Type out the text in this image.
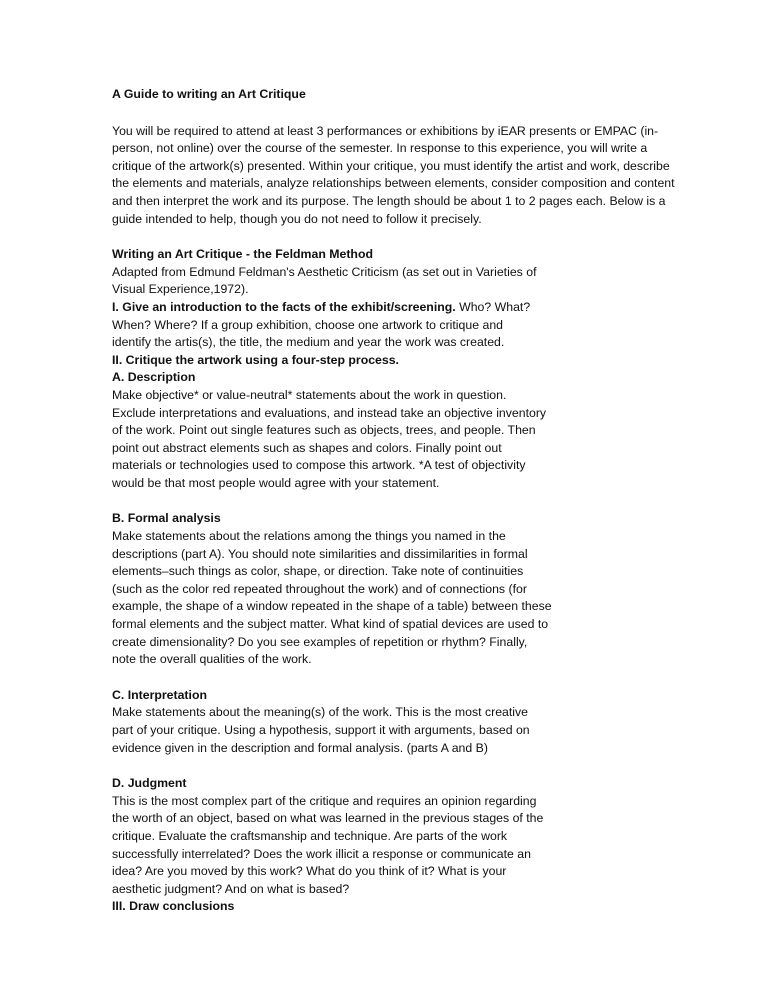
A Guide to writing an Art Critique

You will be required to attend at least 3 performances or exhibitions by iEAR presents or EMPAC (in-person, not online) over the course of the semester. In response to this experience, you will write a critique of the artwork(s) presented. Within your critique, you must identify the artist and work, describe the elements and materials, analyze relationships between elements, consider composition and content and then interpret the work and its purpose. The length should be about 1 to 2 pages each. Below is a guide intended to help, though you do not need to follow it precisely.

Writing an Art Critique - the Feldman Method

Adapted from Edmund Feldman's Aesthetic Criticism (as set out in Varieties of Visual Experience,1972).

I. Give an introduction to the facts of the exhibit/screening. Who? What? When? Where? If a group exhibition, choose one artwork to critique and identify the artis(s), the title, the medium and year the work was created.

II. Critique the artwork using a four-step process.

A. Description

Make objective* or value-neutral* statements about the work in question. Exclude interpretations and evaluations, and instead take an objective inventory of the work. Point out single features such as objects, trees, and people. Then point out abstract elements such as shapes and colors. Finally point out materials or technologies used to compose this artwork. *A test of objectivity would be that most people would agree with your statement.

B. Formal analysis

Make statements about the relations among the things you named in the descriptions (part A). You should note similarities and dissimilarities in formal elements–such things as color, shape, or direction. Take note of continuities (such as the color red repeated throughout the work) and of connections (for example, the shape of a window repeated in the shape of a table) between these formal elements and the subject matter. What kind of spatial devices are used to create dimensionality? Do you see examples of repetition or rhythm? Finally, note the overall qualities of the work.

C. Interpretation

Make statements about the meaning(s) of the work. This is the most creative part of your critique. Using a hypothesis, support it with arguments, based on evidence given in the description and formal analysis. (parts A and B)

D. Judgment

This is the most complex part of the critique and requires an opinion regarding the worth of an object, based on what was learned in the previous stages of the critique. Evaluate the craftsmanship and technique. Are parts of the work successfully interrelated? Does the work illicit a response or communicate an idea? Are you moved by this work? What do you think of it? What is your aesthetic judgment? And on what is based?

III. Draw conclusions
